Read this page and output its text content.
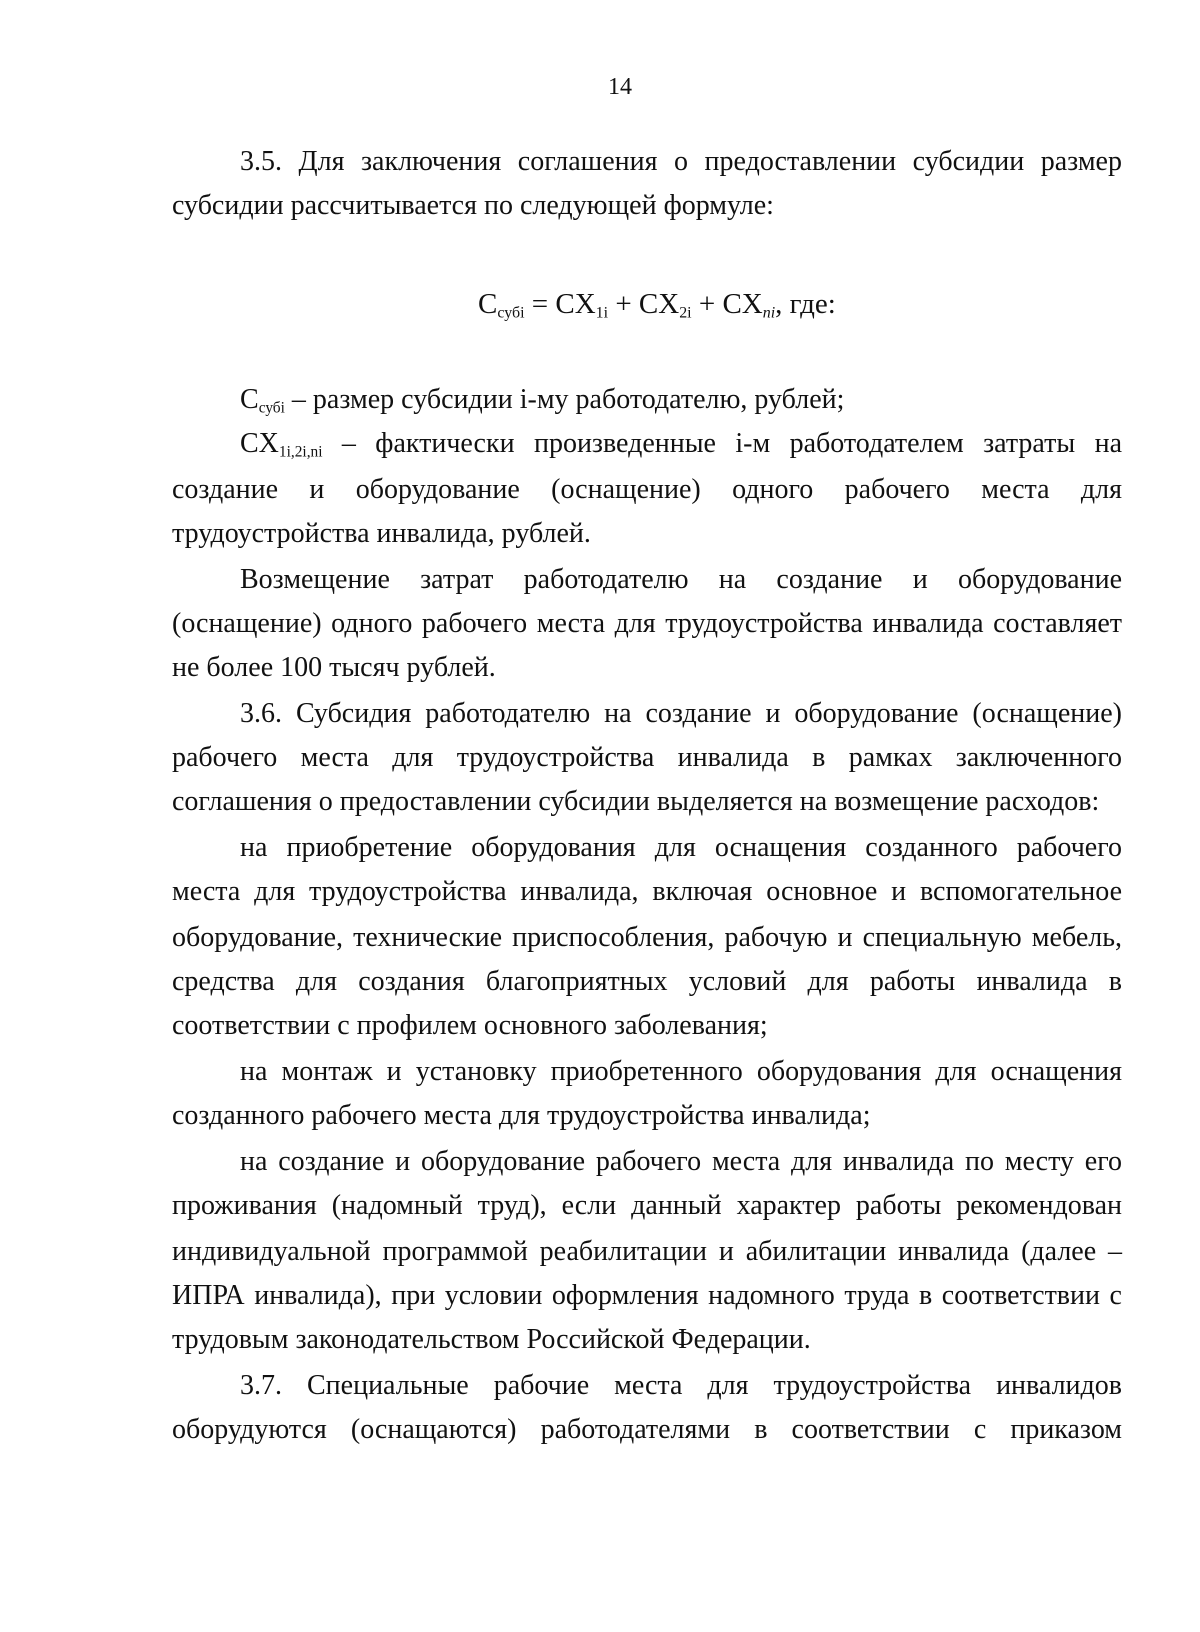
14
3.5. Для заключения соглашения о предоставлении субсидии размер
субсидии рассчитывается по следующей формуле:
$C_{субi} = CX_{1i} + CX_{2i} + CX_{ni}$, где:
$C_{субi}$ – размер субсидии i-му работодателю, рублей;
$CX_{1i,2i,ni}$ – фактически произведенные i-м работодателем затраты на
создание и оборудование (оснащение) одного рабочего места для
трудоустройства инвалида, рублей.
Возмещение затрат работодателю на создание и оборудование
(оснащение) одного рабочего места для трудоустройства инвалида составляет
не более 100 тысяч рублей.
3.6. Субсидия работодателю на создание и оборудование (оснащение)
рабочего места для трудоустройства инвалида в рамках заключенного
соглашения о предоставлении субсидии выделяется на возмещение расходов:
на приобретение оборудования для оснащения созданного рабочего
места для трудоустройства инвалида, включая основное и вспомогательное
оборудование, технические приспособления, рабочую и специальную мебель,
средства для создания благоприятных условий для работы инвалида в
соответствии с профилем основного заболевания;
на монтаж и установку приобретенного оборудования для оснащения
созданного рабочего места для трудоустройства инвалида;
на создание и оборудование рабочего места для инвалида по месту его
проживания (надомный труд), если данный характер работы рекомендован
индивидуальной программой реабилитации и абилитации инвалида (далее –
ИПРА инвалида), при условии оформления надомного труда в соответствии с
трудовым законодательством Российской Федерации.
3.7. Специальные рабочие места для трудоустройства инвалидов
оборудуются (оснащаются) работодателями в соответствии с приказом
